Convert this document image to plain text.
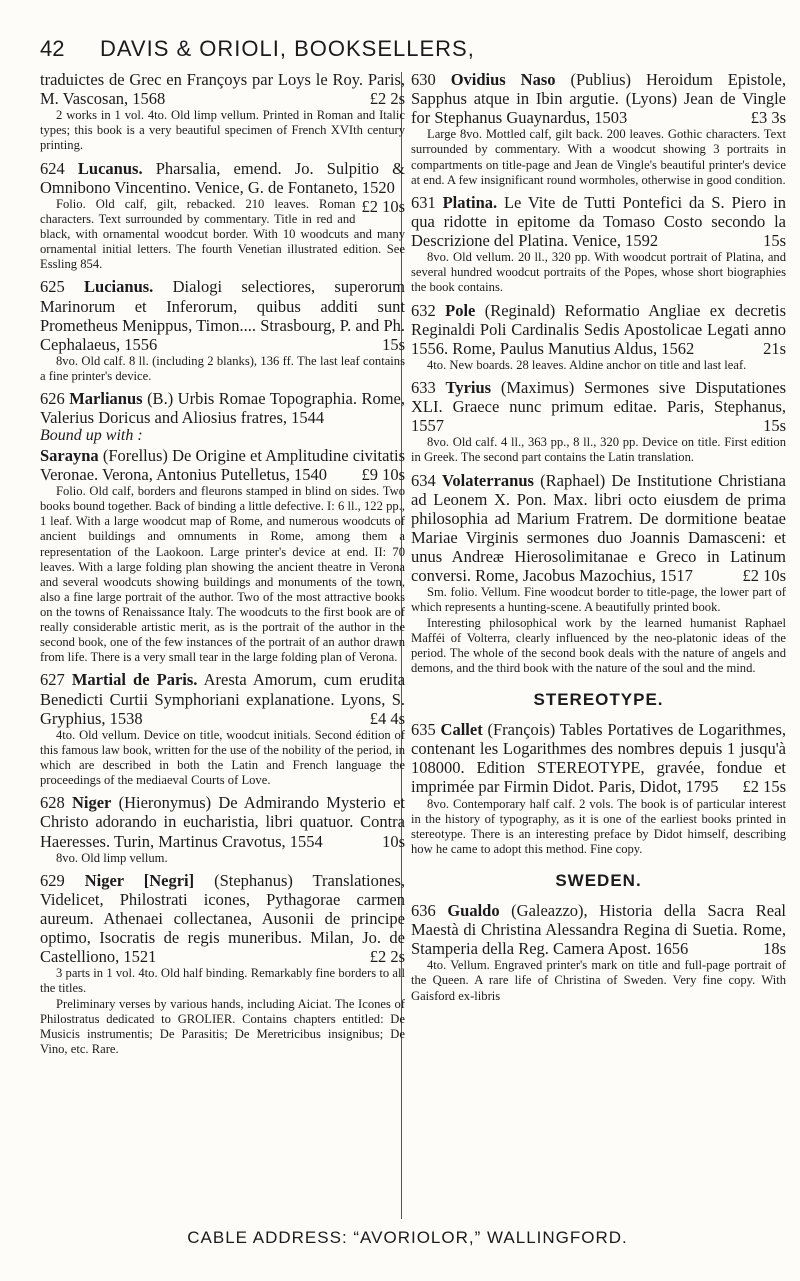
42 DAVIS & ORIOLI, BOOKSELLERS,

traduictes de Grec en Françoys par Loys le Roy. Paris, M. Vascosan, 1568	£2 2s

2 works in 1 vol. 4to. Old limp vellum. Printed in Roman and Italic types; this book is a very beautiful specimen of French XVIth century printing.

624 Lucanus. Pharsalia, emend. Jo. Sulpitio & Omnibono Vincentino. Venice, G. de Fontaneto, 1520
£2 10s

Folio. Old calf, gilt, rebacked. 210 leaves. Roman characters. Text surrounded by commentary. Title in red and black, with ornamental woodcut border. With 10 woodcuts and many ornamental initial letters. The fourth Venetian illustrated edition. See Essling 854.

625 Lucianus. Dialogi selectiores, superorum Marinorum et Inferorum, quibus additi sunt Prometheus Menippus, Timon.... Strasbourg, P. and Ph. Cephalaeus, 1556	15s

8vo. Old calf. 8 ll. (including 2 blanks), 136 ff. The last leaf contains a fine printer's device.

626 Marlianus (B.) Urbis Romae Topographia. Rome, Valerius Doricus and Aliosius fratres, 1544

Bound up with :

Sarayna (Forellus) De Origine et Amplitudine civitatis Veronae. Verona, Antonius Putelletus, 1540 £9 10s

Folio. Old calf, borders and fleurons stamped in blind on sides. Two books bound together. Back of binding a little defective. I: 6 ll., 122 pp., 1 leaf. With a large woodcut map of Rome, and numerous woodcuts of ancient buildings and omnuments in Rome, among them a representation of the Laokoon. Large printer's device at end. II: 70 leaves. With a large folding plan showing the ancient theatre in Verona and several woodcuts showing buildings and monuments of the town, also a fine large portrait of the author. Two of the most attractive books on the towns of Renaissance Italy. The woodcuts to the first book are of really considerable artistic merit, as is the portrait of the author in the second book, one of the few instances of the portrait of an author drawn from life. There is a very small tear in the large folding plan of Verona.

627 Martial de Paris. Aresta Amorum, cum erudita Benedicti Curtii Symphoriani explanatione. Lyons, S. Gryphius, 1538	£4 4s

4to. Old vellum. Device on title, woodcut initials. Second édition of this famous law book, written for the use of the nobility of the period, in which are described in both the Latin and French language the proceedings of the mediaeval Courts of Love.

628 Niger (Hieronymus) De Admirando Mysterio et Christo adorando in eucharistia, libri quatuor. Contra Haeresses. Turin, Martinus Cravotus, 1554	10s

8vo. Old limp vellum.

629 Niger [Negri] (Stephanus) Translationes, Videlicet, Philostrati icones, Pythagorae carmen aureum. Athenaei collectanea, Ausonii de principe optimo, Isocratis de regis muneribus. Milan, Jo. de Castelliono, 1521	£2 2s

3 parts in 1 vol. 4to. Old half binding. Remarkably fine borders to all the titles.

Preliminary verses by various hands, including Aiciat. The Icones of Philostratus dedicated to GROLIER. Contains chapters entitled: De Musicis instrumentis; De Parasitis; De Meretricibus insignibus; De Vino, etc. Rare.

630 Ovidius Naso (Publius) Heroidum Epistole, Sapphus atque in Ibin argutie. (Lyons) Jean de Vingle for Stephanus Guaynardus, 1503	£3 3s

Large 8vo. Mottled calf, gilt back. 200 leaves. Gothic characters. Text surrounded by commentary. With a woodcut showing 3 portraits in compartments on title-page and Jean de Vingle's beautiful printer's device at end. A few insignificant round wormholes, otherwise in good condition.

631 Platina. Le Vite de Tutti Pontefici da S. Piero in qua ridotte in epitome da Tomaso Costo secondo la Descrizione del Platina. Venice, 1592	15s

8vo. Old vellum. 20 ll., 320 pp. With woodcut portrait of Platina, and several hundred woodcut portraits of the Popes, whose short biographies the book contains.

632 Pole (Reginald) Reformatio Angliae ex decretis Reginaldi Poli Cardinalis Sedis Apostolicae Legati anno 1556. Rome, Paulus Manutius Aldus, 1562	21s

4to. New boards. 28 leaves. Aldine anchor on title and last leaf.

633 Tyrius (Maximus) Sermones sive Disputationes XLI. Graece nunc primum editae. Paris, Stephanus, 1557	15s

8vo. Old calf. 4 ll., 363 pp., 8 ll., 320 pp. Device on title. First edition in Greek. The second part contains the Latin translation.

634 Volaterranus (Raphael) De Institutione Christiana ad Leonem X. Pon. Max. libri octo eiusdem de prima philosophia ad Marium Fratrem. De dormitione beatae Mariae Virginis sermones duo Joannis Damasceni: et unus Andreæ Hierosolimitanae e Greco in Latinum conversi. Rome, Jacobus Mazochius, 1517	£2 10s

Sm. folio. Vellum. Fine woodcut border to title-page, the lower part of which represents a hunting-scene. A beautifully printed book.

Interesting philosophical work by the learned humanist Raphael Mafféi of Volterra, clearly influenced by the neo-platonic ideas of the period. The whole of the second book deals with the nature of angels and demons, and the third book with the nature of the soul and the mind.

STEREOTYPE.

635 Callet (François) Tables Portatives de Logarithmes, contenant les Logarithmes des nombres depuis 1 jusqu'à 108000. Edition STEREOTYPE, gravée, fondue et imprimée par Firmin Didot. Paris, Didot, 1795 £2 15s

8vo. Contemporary half calf. 2 vols. The book is of particular interest in the history of typography, as it is one of the earliest books printed in stereotype. There is an interesting preface by Didot himself, describing how he came to adopt this method. Fine copy.

SWEDEN.

636 Gualdo (Galeazzo), Historia della Sacra Real Maestà di Christina Alessandra Regina di Suetia. Rome, Stamperia della Reg. Camera Apost. 1656	18s

4to. Vellum. Engraved printer's mark on title and full-page portrait of the Queen. A rare life of Christina of Sweden. Very fine copy. With Gaisford ex-libris

CABLE ADDRESS: “AVORIOLOR,” WALLINGFORD.
